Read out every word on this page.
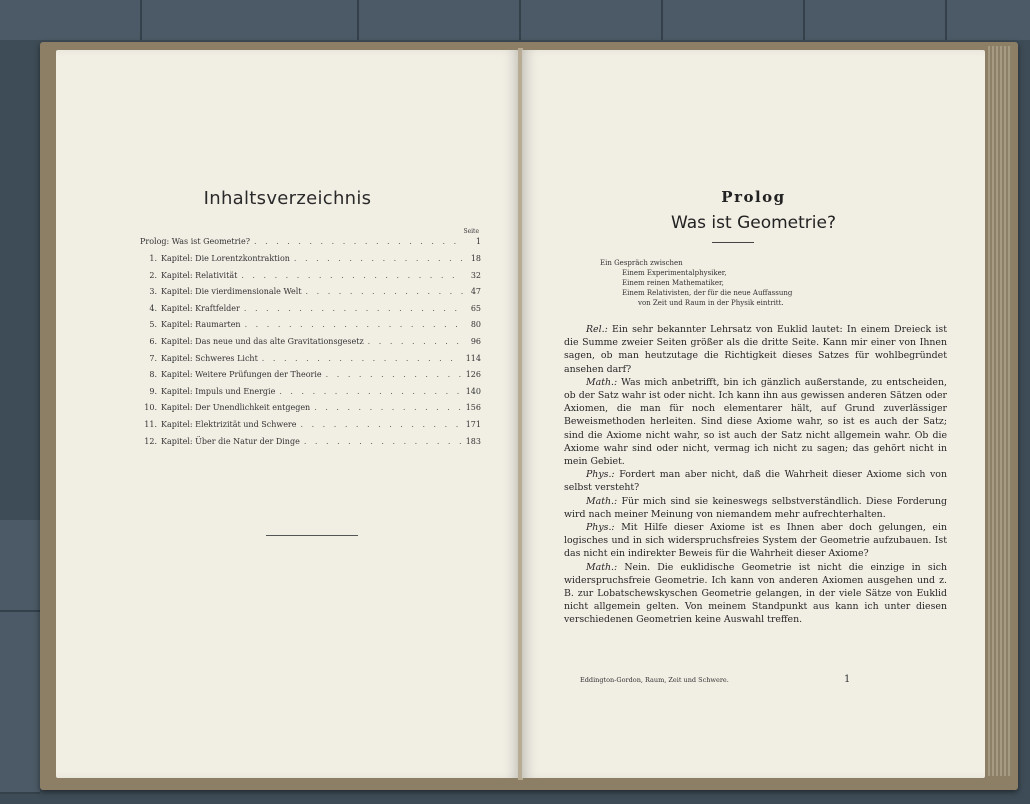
Inhaltsverzeichnis
Seite
Prolog: Was ist Geometrie? . . .	1
1. Kapitel: Die Lorentzkontraktion . . .	18
2. Kapitel: Relativität . . .	32
3. Kapitel: Die vierdimensionale Welt . . .	47
4. Kapitel: Kraftfelder . . .	65
5. Kapitel: Raumarten . . .	80
6. Kapitel: Das neue und das alte Gravitationsgesetz . . .	96
7. Kapitel: Schweres Licht . . .	114
8. Kapitel: Weitere Prüfungen der Theorie . . .	126
9. Kapitel: Impuls und Energie . . .	140
10. Kapitel: Der Unendlichkeit entgegen . . .	156
11. Kapitel: Elektrizität und Schwere . . .	171
12. Kapitel: Über die Natur der Dinge . . .	183
Prolog
Was ist Geometrie?
Ein Gespräch zwischen
Einem Experimentalphysiker,
Einem reinen Mathematiker,
Einem Relativisten, der für die neue Auffassung
von Zeit und Raum in der Physik eintritt.

Rel.: Ein sehr bekannter Lehrsatz von Euklid lautet: In einem Dreieck ist die Summe zweier Seiten größer als die dritte Seite. Kann mir einer von Ihnen sagen, ob man heutzutage die Richtigkeit dieses Satzes für wohlbegründet ansehen darf?

Math.: Was mich anbetrifft, bin ich gänzlich außerstande, zu entscheiden, ob der Satz wahr ist oder nicht. Ich kann ihn aus gewissen anderen Sätzen oder Axiomen, die man für noch elementarer hält, auf Grund zuverlässiger Beweismethoden herleiten. Sind diese Axiome wahr, so ist es auch der Satz; sind die Axiome nicht wahr, so ist auch der Satz nicht allgemein wahr. Ob die Axiome wahr sind oder nicht, vermag ich nicht zu sagen; das gehört nicht in mein Gebiet.

Phys.: Fordert man aber nicht, daß die Wahrheit dieser Axiome sich von selbst versteht?

Math.: Für mich sind sie keineswegs selbstverständlich. Diese Forderung wird nach meiner Meinung von niemandem mehr aufrechterhalten.

Phys.: Mit Hilfe dieser Axiome ist es Ihnen aber doch gelungen, ein logisches und in sich widerspruchsfreies System der Geometrie aufzubauen. Ist das nicht ein indirekter Beweis für die Wahrheit dieser Axiome?

Math.: Nein. Die euklidische Geometrie ist nicht die einzige in sich widerspruchsfreie Geometrie. Ich kann von anderen Axiomen ausgehen und z. B. zur Lobatschewskyschen Geometrie gelangen, in der viele Sätze von Euklid nicht allgemein gelten. Von meinem Standpunkt aus kann ich unter diesen verschiedenen Geometrien keine Auswahl treffen.

Eddington-Gordon, Raum, Zeit und Schwere.	1
